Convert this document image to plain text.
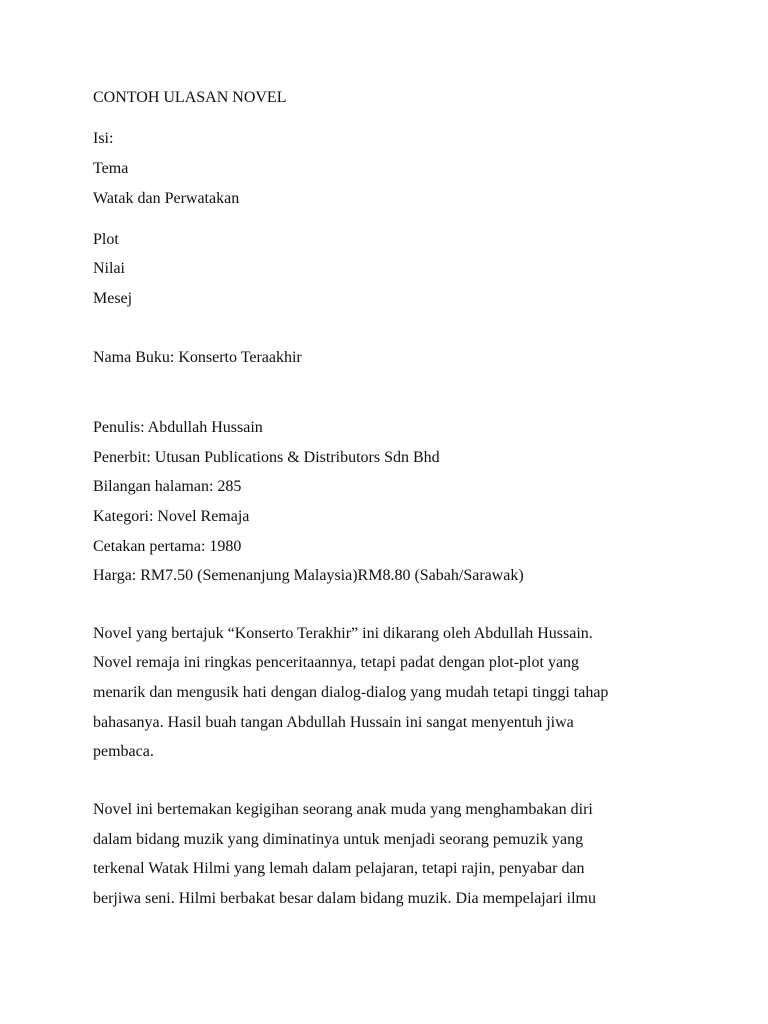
CONTOH ULASAN NOVEL
Isi:
Tema
Watak dan Perwatakan
Plot
Nilai
Mesej
Nama Buku: Konserto Teraakhir
Penulis: Abdullah Hussain
Penerbit: Utusan Publications & Distributors Sdn Bhd
Bilangan halaman: 285
Kategori: Novel Remaja
Cetakan pertama: 1980
Harga: RM7.50 (Semenanjung Malaysia)RM8.80 (Sabah/Sarawak)
Novel yang bertajuk “Konserto Terakhir” ini dikarang oleh Abdullah Hussain.
Novel remaja ini ringkas penceritaannya, tetapi padat dengan plot-plot yang
menarik dan mengusik hati dengan dialog-dialog yang mudah tetapi tinggi tahap
bahasanya. Hasil buah tangan Abdullah Hussain ini sangat menyentuh jiwa
pembaca.
Novel ini bertemakan kegigihan seorang anak muda yang menghambakan diri
dalam bidang muzik yang diminatinya untuk menjadi seorang pemuzik yang
terkenal Watak Hilmi yang lemah dalam pelajaran, tetapi rajin, penyabar dan
berjiwa seni. Hilmi berbakat besar dalam bidang muzik. Dia mempelajari ilmu
